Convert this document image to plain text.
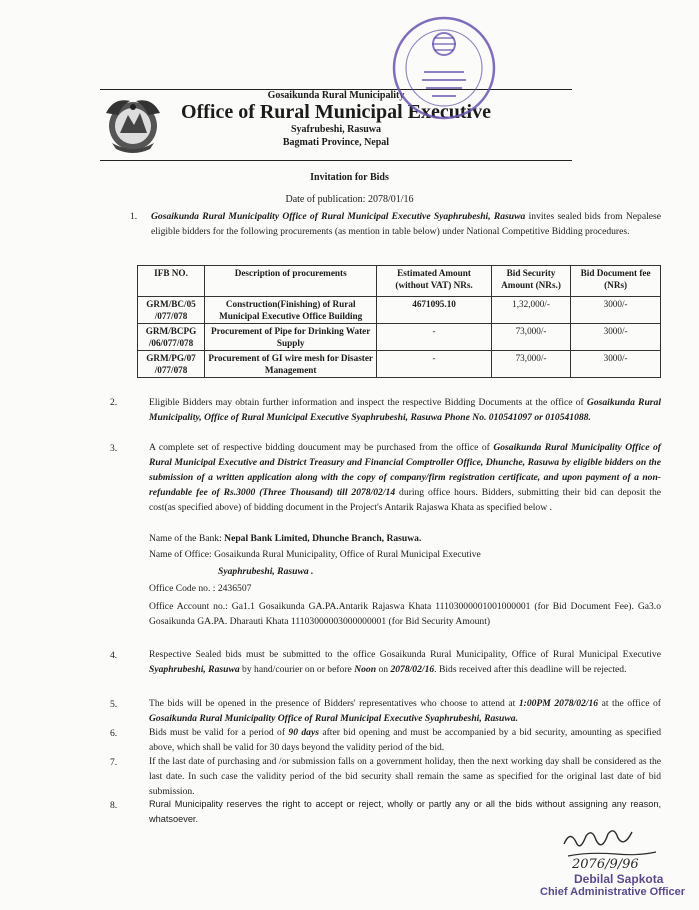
Gosaikunda Rural Municipality
Office of Rural Municipal Executive
Syafrubeshi, Rasuwa
Bagmati Province, Nepal
Invitation for Bids
Date of publication: 2078/01/16
1. Gosaikunda Rural Municipality Office of Rural Municipal Executive Syaphrubeshi, Rasuwa invites sealed bids from Nepalese eligible bidders for the following procurements (as mention in table below) under National Competitive Bidding procedures.
IFB NO.	Description of procurements	Estimated Amount (without VAT) NRs.	Bid Security Amount (NRs.)	Bid Document fee (NRs)
GRM/BC/05 /077/078	Construction(Finishing) of Rural Municipal Executive Office Building	4671095.10	1,32,000/-	3000/-
GRM/BCPG /06/077/078	Procurement of Pipe for Drinking Water Supply	-	73,000/-	3000/-
GRM/PG/07 /077/078	Procurement of GI wire mesh for Disaster Management	-	73,000/-	3000/-
2.	Eligible Bidders may obtain further information and inspect the respective Bidding Documents at the office of Gosaikunda Rural Municipality, Office of Rural Municipal Executive Syaphrubeshi, Rasuwa Phone No. 010541097 or 010541088.
3.	A complete set of respective bidding doucument may be purchased from the office of Gosaikunda Rural Municipality Office of Rural Municipal Executive and District Treasury and Financial Comptroller Office, Dhunche, Rasuwa by eligible bidders on the submission of a written application along with the copy of company/firm registration certificate, and upon payment of a non-refundable fee of Rs.3000 (Three Thousand) till 2078/02/14 during office hours. Bidders, submitting their bid can deposit the cost(as specified above) of bidding document in the Project's Antarik Rajaswa Khata as specified below .
Name of the Bank: Nepal Bank Limited, Dhunche Branch, Rasuwa.
Name of Office: Gosaikunda Rural Municipality, Office of Rural Municipal Executive
Syaphrubeshi, Rasuwa .
Office Code no. : 2436507
Office Account no.: Ga1.1 Gosaikunda GA.PA.Antarik Rajaswa Khata 11103000001001000001 (for Bid Document Fee). Ga3.o Gosaikunda GA.PA. Dharauti Khata 11103000003000000001 (for Bid Security Amount)
4.	Respective Sealed bids must be submitted to the office Gosaikunda Rural Municipality, Office of Rural Municipal Executive Syaphrubeshi, Rasuwa by hand/courier on or before Noon on 2078/02/16. Bids received after this deadline will be rejected.
5.	The bids will be opened in the presence of Bidders' representatives who choose to attend at 1:00PM 2078/02/16 at the office of Gosaikunda Rural Municipality Office of Rural Municipal Executive Syaphrubeshi, Rasuwa.
6.	Bids must be valid for a period of 90 days after bid opening and must be accompanied by a bid security, amounting as specified above, which shall be valid for 30 days beyond the validity period of the bid.
7.	If the last date of purchasing and /or submission falls on a government holiday, then the next working day shall be considered as the last date. In such case the validity period of the bid security shall remain the same as specified for the original last date of bid submission.
8.	Rural Municipality reserves the right to accept or reject, wholly or partly any or all the bids without assigning any reason, whatsoever.
2076/9/96
Debilal Sapkota
Chief Administrative Officer
